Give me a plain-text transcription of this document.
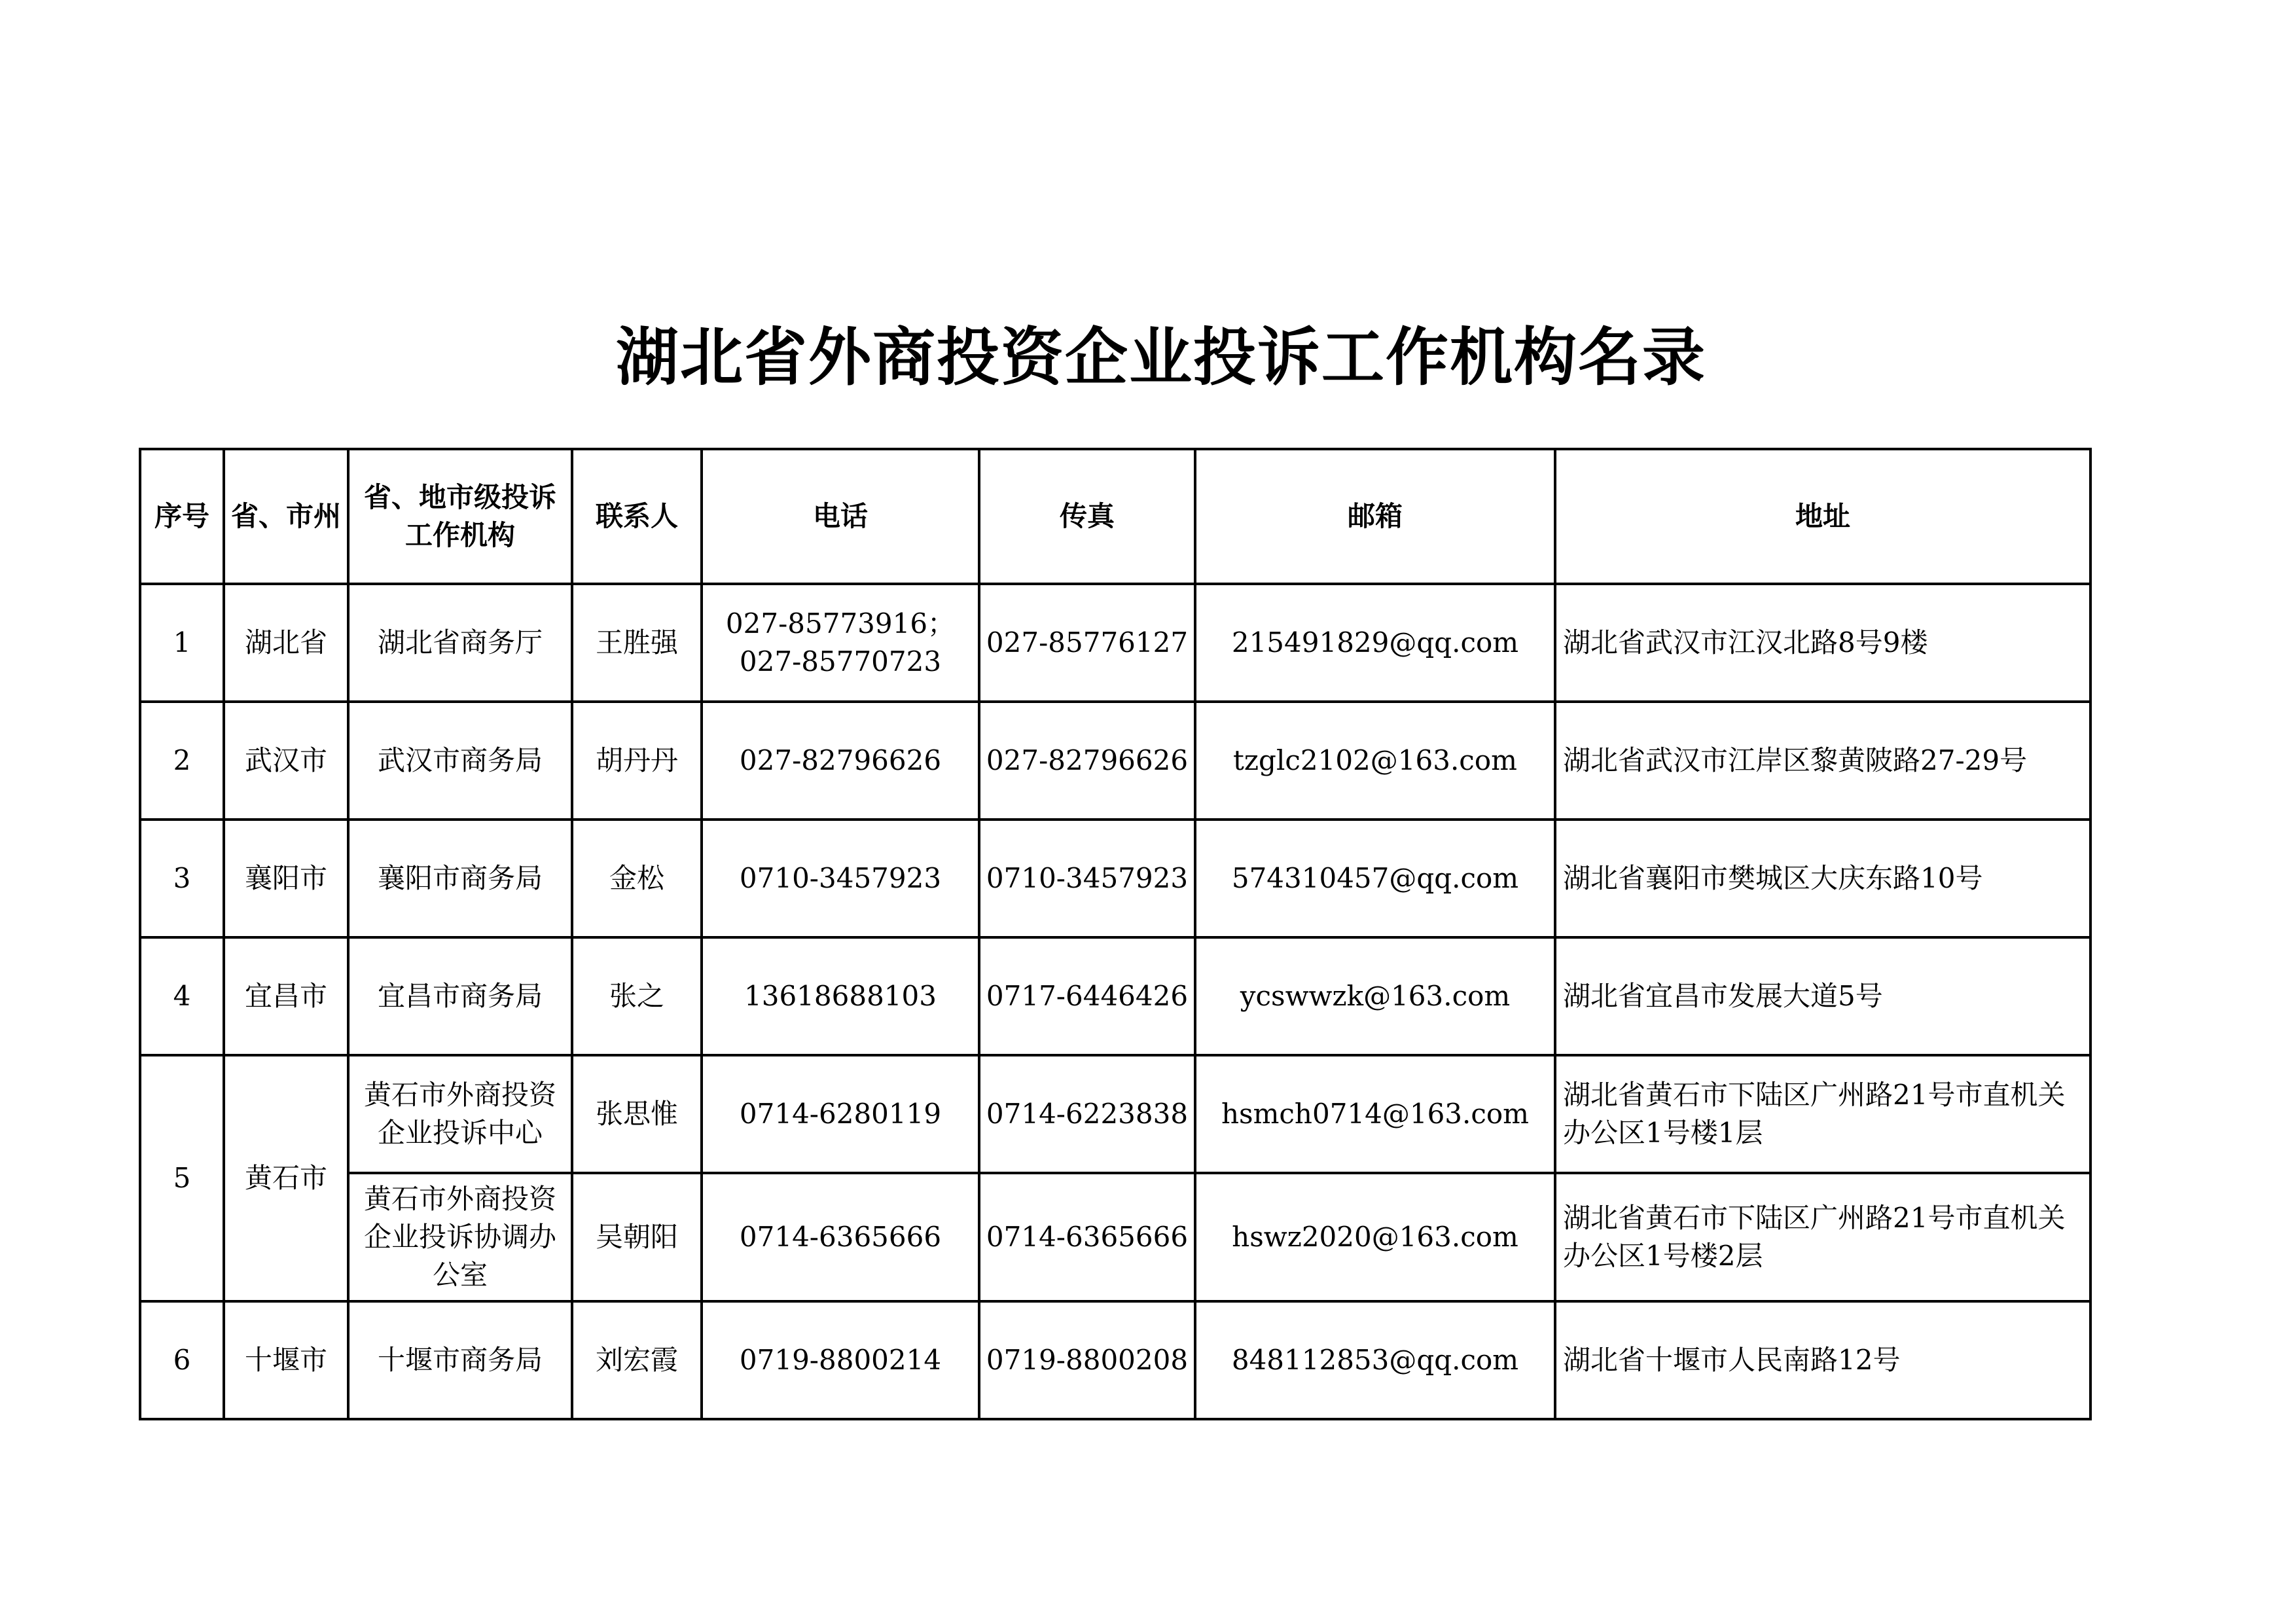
湖北省外商投资企业投诉工作机构名录
序号	省、市州	省、地市级投诉工作机构	联系人	电话	传真	邮箱	地址
1	湖北省	湖北省商务厅	王胜强	027-85773916；027-85770723	027-85776127	215491829@qq.com	湖北省武汉市江汉北路8号9楼
2	武汉市	武汉市商务局	胡丹丹	027-82796626	027-82796626	tzglc2102@163.com	湖北省武汉市江岸区黎黄陂路27-29号
3	襄阳市	襄阳市商务局	金松	0710-3457923	0710-3457923	574310457@qq.com	湖北省襄阳市樊城区大庆东路10号
4	宜昌市	宜昌市商务局	张之	13618688103	0717-6446426	ycswwzk@163.com	湖北省宜昌市发展大道5号
5	黄石市	黄石市外商投资企业投诉中心	张思惟	0714-6280119	0714-6223838	hsmch0714@163.com	湖北省黄石市下陆区广州路21号市直机关办公区1号楼1层
		黄石市外商投资企业投诉协调办公室	吴朝阳	0714-6365666	0714-6365666	hswz2020@163.com	湖北省黄石市下陆区广州路21号市直机关办公区1号楼2层
6	十堰市	十堰市商务局	刘宏霞	0719-8800214	0719-8800208	848112853@qq.com	湖北省十堰市人民南路12号
